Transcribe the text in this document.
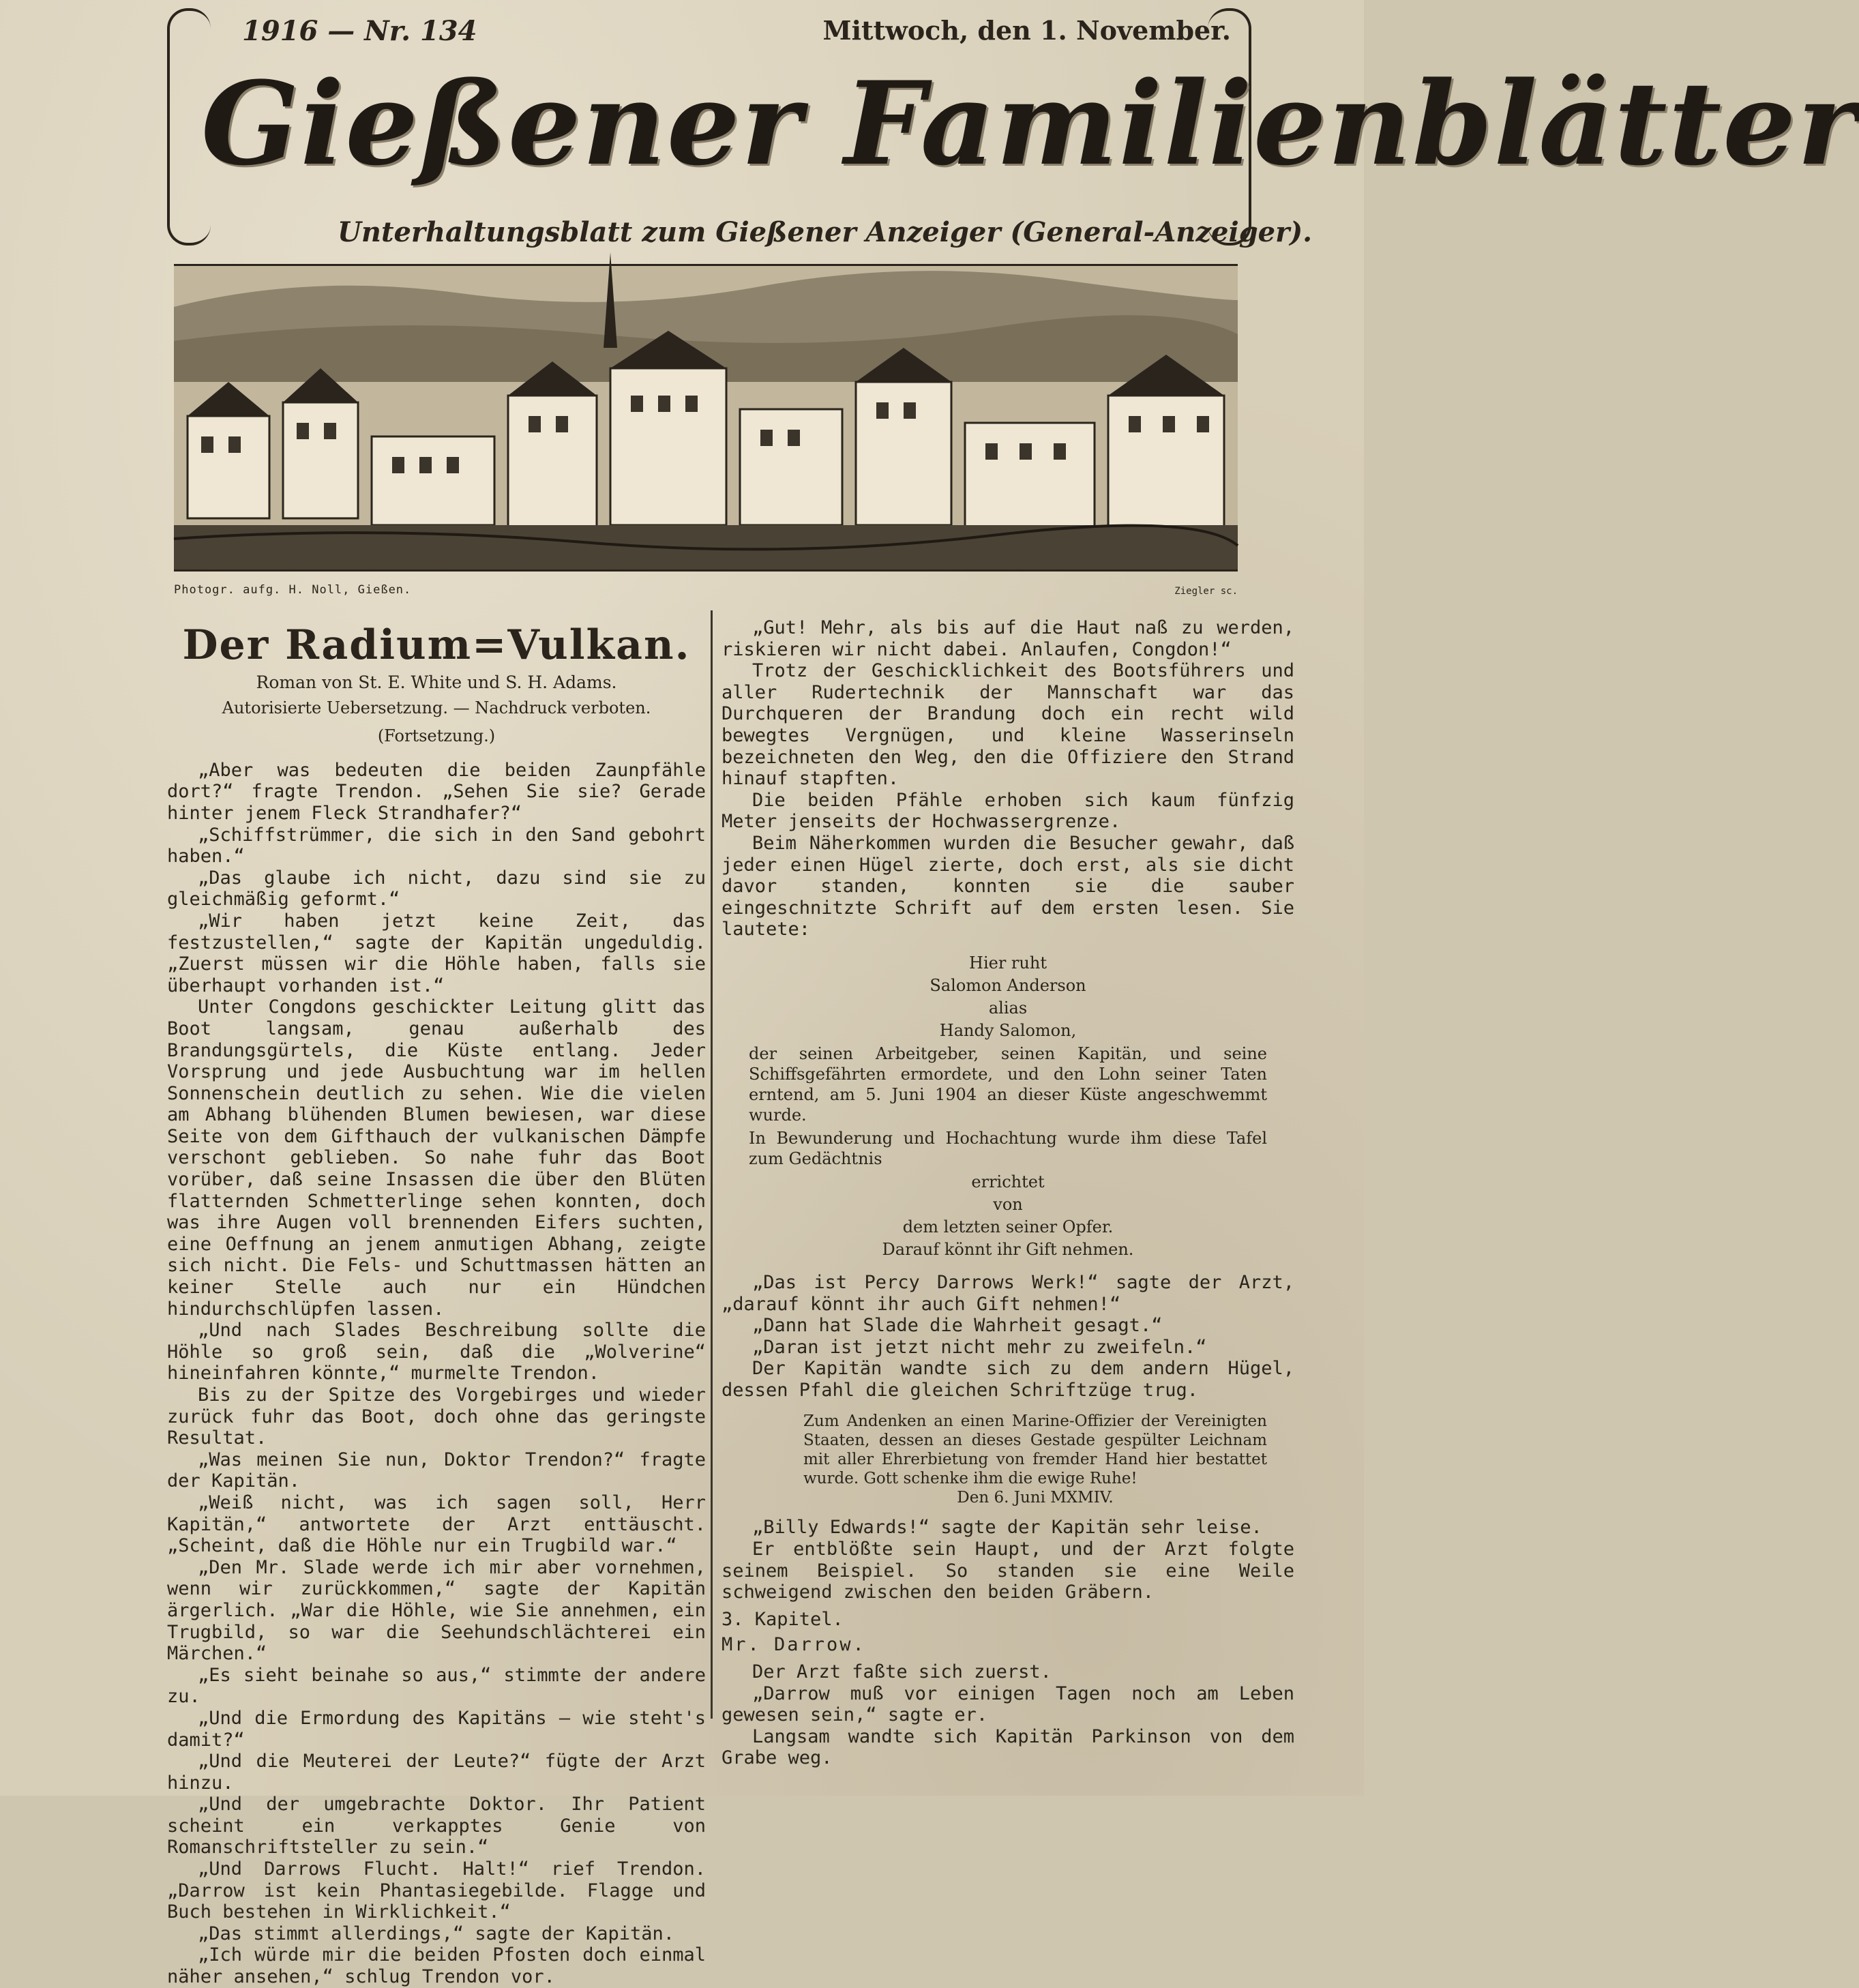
1916 — Nr. 134	Mittwoch, den 1. November.
Gießener Familienblätter
Unterhaltungsblatt zum Gießener Anzeiger (General-Anzeiger).
Photogr. aufg. H. Noll, Gießen.	Ziegler sc.
Der Radium=Vulkan.
Roman von St. E. White und S. H. Adams.
Autorisierte Uebersetzung. — Nachdruck verboten.
(Fortsetzung.)

„Aber was bedeuten die beiden Zaunpfähle dort?“ fragte Trendon. „Sehen Sie sie? Gerade hinter jenem Fleck Strandhafer?“

„Schiffstrümmer, die sich in den Sand gebohrt haben.“

„Das glaube ich nicht, dazu sind sie zu gleichmäßig geformt.“

„Wir haben jetzt keine Zeit, das festzustellen,“ sagte der Kapitän ungeduldig. „Zuerst müssen wir die Höhle haben, falls sie überhaupt vorhanden ist.“

Unter Congdons geschickter Leitung glitt das Boot langsam, genau außerhalb des Brandungsgürtels, die Küste entlang. Jeder Vorsprung und jede Ausbuchtung war im hellen Sonnenschein deutlich zu sehen. Wie die vielen am Abhang blühenden Blumen bewiesen, war diese Seite von dem Gifthauch der vulkanischen Dämpfe verschont geblieben. So nahe fuhr das Boot vorüber, daß seine Insassen die über den Blüten flatternden Schmetterlinge sehen konnten, doch was ihre Augen voll brennenden Eifers suchten, eine Oeffnung an jenem anmutigen Abhang, zeigte sich nicht. Die Fels- und Schuttmassen hätten an keiner Stelle auch nur ein Hündchen hindurchschlüpfen lassen.

„Und nach Slades Beschreibung sollte die Höhle so groß sein, daß die „Wolverine“ hineinfahren könnte,“ murmelte Trendon.

Bis zu der Spitze des Vorgebirges und wieder zurück fuhr das Boot, doch ohne das geringste Resultat.

„Was meinen Sie nun, Doktor Trendon?“ fragte der Kapitän.

„Weiß nicht, was ich sagen soll, Herr Kapitän,“ antwortete der Arzt enttäuscht. „Scheint, daß die Höhle nur ein Trugbild war.“

„Den Mr. Slade werde ich mir aber vornehmen, wenn wir zurückkommen,“ sagte der Kapitän ärgerlich. „War die Höhle, wie Sie annehmen, ein Trugbild, so war die Seehundschlächterei ein Märchen.“

„Es sieht beinahe so aus,“ stimmte der andere zu.

„Und die Ermordung des Kapitäns — wie steht's damit?“

„Und die Meuterei der Leute?“ fügte der Arzt hinzu.

„Und der umgebrachte Doktor. Ihr Patient scheint ein verkapptes Genie von Romanschriftsteller zu sein.“

„Und Darrows Flucht. Halt!“ rief Trendon. „Darrow ist kein Phantasiegebilde. Flagge und Buch bestehen in Wirklichkeit.“

„Das stimmt allerdings,“ sagte der Kapitän.

„Ich würde mir die beiden Pfosten doch einmal näher ansehen,“ schlug Trendon vor.

„Gut! Mehr, als bis auf die Haut naß zu werden, riskieren wir nicht dabei. Anlaufen, Congdon!“

Trotz der Geschicklichkeit des Bootsführers und aller Rudertechnik der Mannschaft war das Durchqueren der Brandung doch ein recht wild bewegtes Vergnügen, und kleine Wasserinseln bezeichneten den Weg, den die Offiziere den Strand hinauf stapften.

Die beiden Pfähle erhoben sich kaum fünfzig Meter jenseits der Hochwassergrenze.

Beim Näherkommen wurden die Besucher gewahr, daß jeder einen Hügel zierte, doch erst, als sie dicht davor standen, konnten sie die sauber eingeschnitzte Schrift auf dem ersten lesen. Sie lautete:

Hier ruht
Salomon Anderson
alias
Handy Salomon,
der seinen Arbeitgeber, seinen Kapitän, und seine Schiffsgefährten ermordete, und den Lohn seiner Taten erntend, am 5. Juni 1904 an dieser Küste angeschwemmt wurde.
In Bewunderung und Hochachtung wurde ihm diese Tafel zum Gedächtnis
errichtet
von
dem letzten seiner Opfer.
Darauf könnt ihr Gift nehmen.

„Das ist Percy Darrows Werk!“ sagte der Arzt, „darauf könnt ihr auch Gift nehmen!“

„Dann hat Slade die Wahrheit gesagt.“

„Daran ist jetzt nicht mehr zu zweifeln.“

Der Kapitän wandte sich zu dem andern Hügel, dessen Pfahl die gleichen Schriftzüge trug.

Zum Andenken an einen Marine-Offizier der Vereinigten Staaten, dessen an dieses Gestade gespülter Leichnam mit aller Ehrerbietung von fremder Hand hier bestattet wurde. Gott schenke ihm die ewige Ruhe!
Den 6. Juni MXMIV.

„Billy Edwards!“ sagte der Kapitän sehr leise.

Er entblößte sein Haupt, und der Arzt folgte seinem Beispiel. So standen sie eine Weile schweigend zwischen den beiden Gräbern.

3. Kapitel.

Mr. Darrow.

Der Arzt faßte sich zuerst.

„Darrow muß vor einigen Tagen noch am Leben gewesen sein,“ sagte er.

Langsam wandte sich Kapitän Parkinson von dem Grabe weg.
